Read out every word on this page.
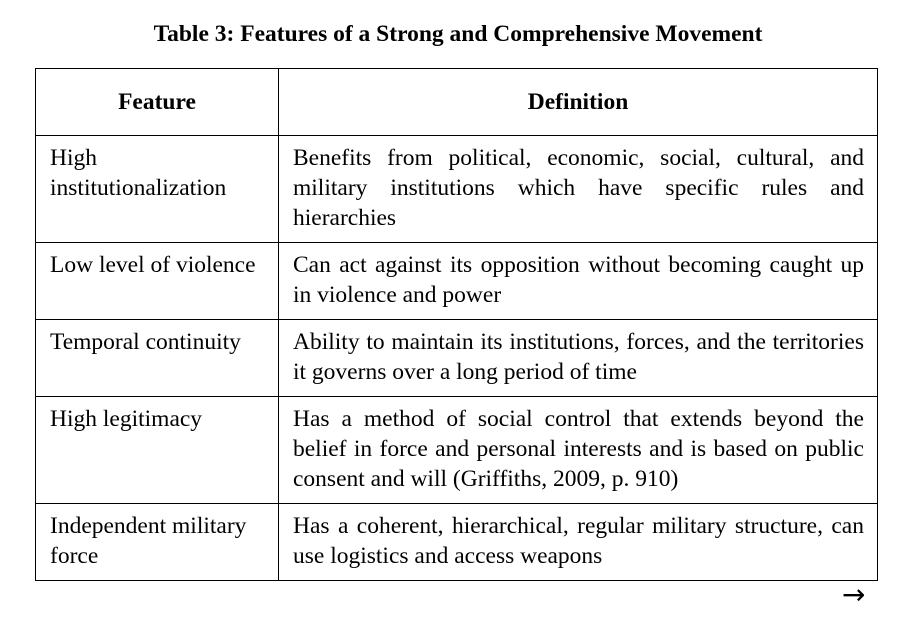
Table 3: Features of a Strong and Comprehensive Movement
Feature	Definition
High institutionalization	Benefits from political, economic, social, cultural, and military institutions which have specific rules and hierarchies
Low level of violence	Can act against its opposition without becoming caught up in violence and power
Temporal continuity	Ability to maintain its institutions, forces, and the territories it governs over a long period of time
High legitimacy	Has a method of social control that extends beyond the belief in force and personal interests and is based on public consent and will (Griffiths, 2009, p. 910)
Independent military force	Has a coherent, hierarchical, regular military structure, can use logistics and access weapons
→
